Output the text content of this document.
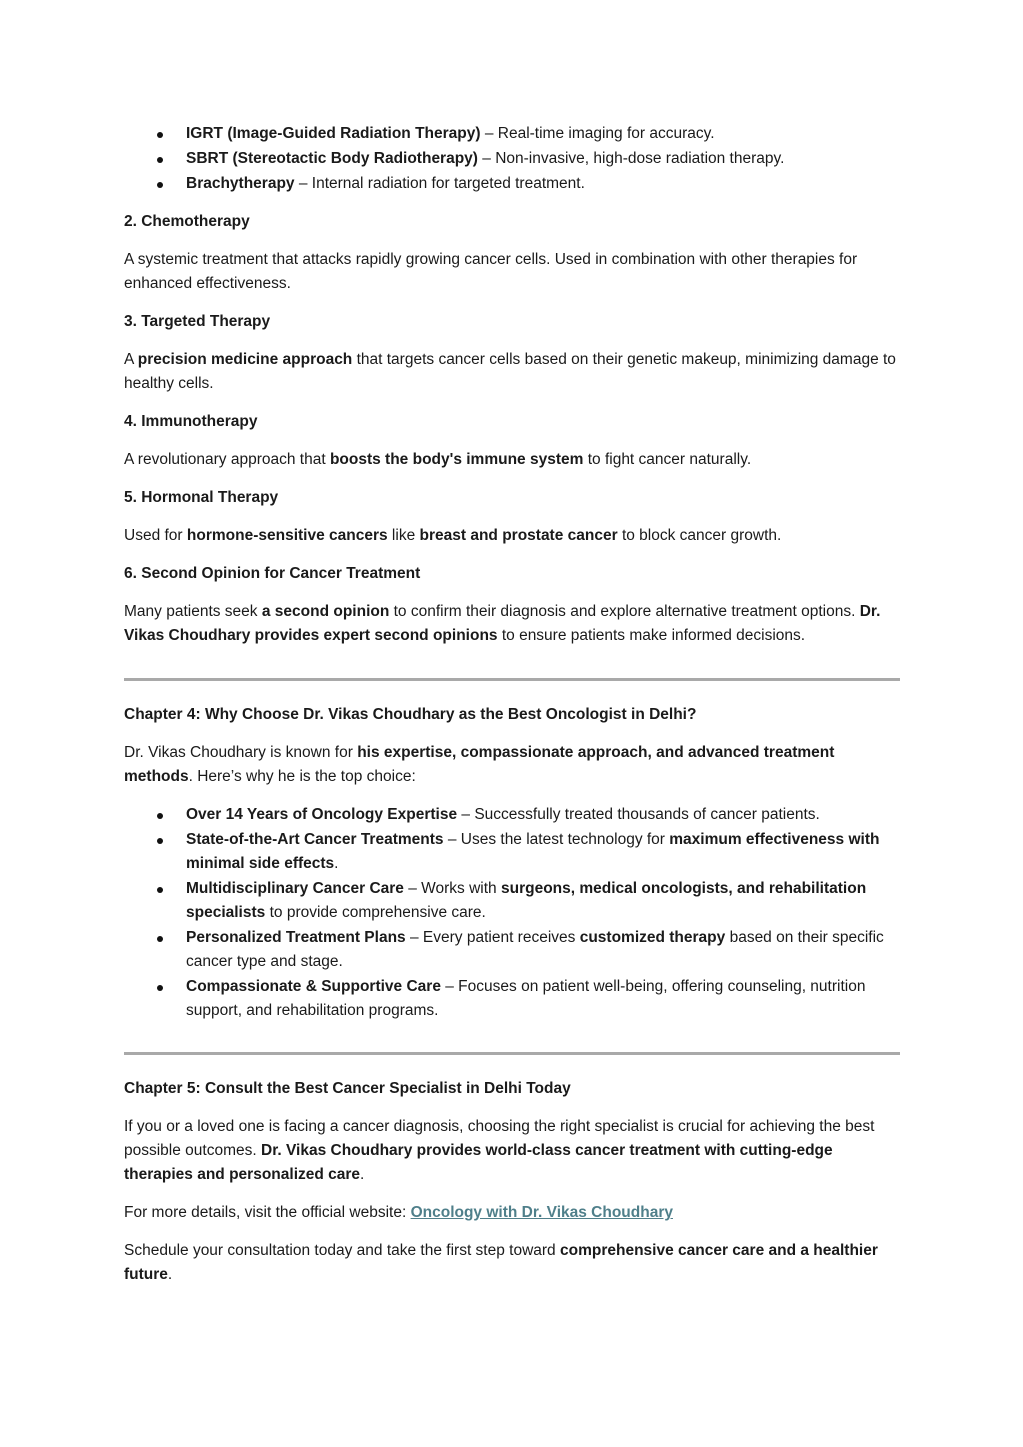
IGRT (Image-Guided Radiation Therapy) – Real-time imaging for accuracy.
SBRT (Stereotactic Body Radiotherapy) – Non-invasive, high-dose radiation therapy.
Brachytherapy – Internal radiation for targeted treatment.

2. Chemotherapy

A systemic treatment that attacks rapidly growing cancer cells. Used in combination with other therapies for enhanced effectiveness.

3. Targeted Therapy

A precision medicine approach that targets cancer cells based on their genetic makeup, minimizing damage to healthy cells.

4. Immunotherapy

A revolutionary approach that boosts the body's immune system to fight cancer naturally.

5. Hormonal Therapy

Used for hormone-sensitive cancers like breast and prostate cancer to block cancer growth.

6. Second Opinion for Cancer Treatment

Many patients seek a second opinion to confirm their diagnosis and explore alternative treatment options. Dr. Vikas Choudhary provides expert second opinions to ensure patients make informed decisions.

Chapter 4: Why Choose Dr. Vikas Choudhary as the Best Oncologist in Delhi?

Dr. Vikas Choudhary is known for his expertise, compassionate approach, and advanced treatment methods. Here’s why he is the top choice:

Over 14 Years of Oncology Expertise – Successfully treated thousands of cancer patients.
State-of-the-Art Cancer Treatments – Uses the latest technology for maximum effectiveness with minimal side effects.
Multidisciplinary Cancer Care – Works with surgeons, medical oncologists, and rehabilitation specialists to provide comprehensive care.
Personalized Treatment Plans – Every patient receives customized therapy based on their specific cancer type and stage.
Compassionate & Supportive Care – Focuses on patient well-being, offering counseling, nutrition support, and rehabilitation programs.

Chapter 5: Consult the Best Cancer Specialist in Delhi Today

If you or a loved one is facing a cancer diagnosis, choosing the right specialist is crucial for achieving the best possible outcomes. Dr. Vikas Choudhary provides world-class cancer treatment with cutting-edge therapies and personalized care.

For more details, visit the official website: Oncology with Dr. Vikas Choudhary

Schedule your consultation today and take the first step toward comprehensive cancer care and a healthier future.
